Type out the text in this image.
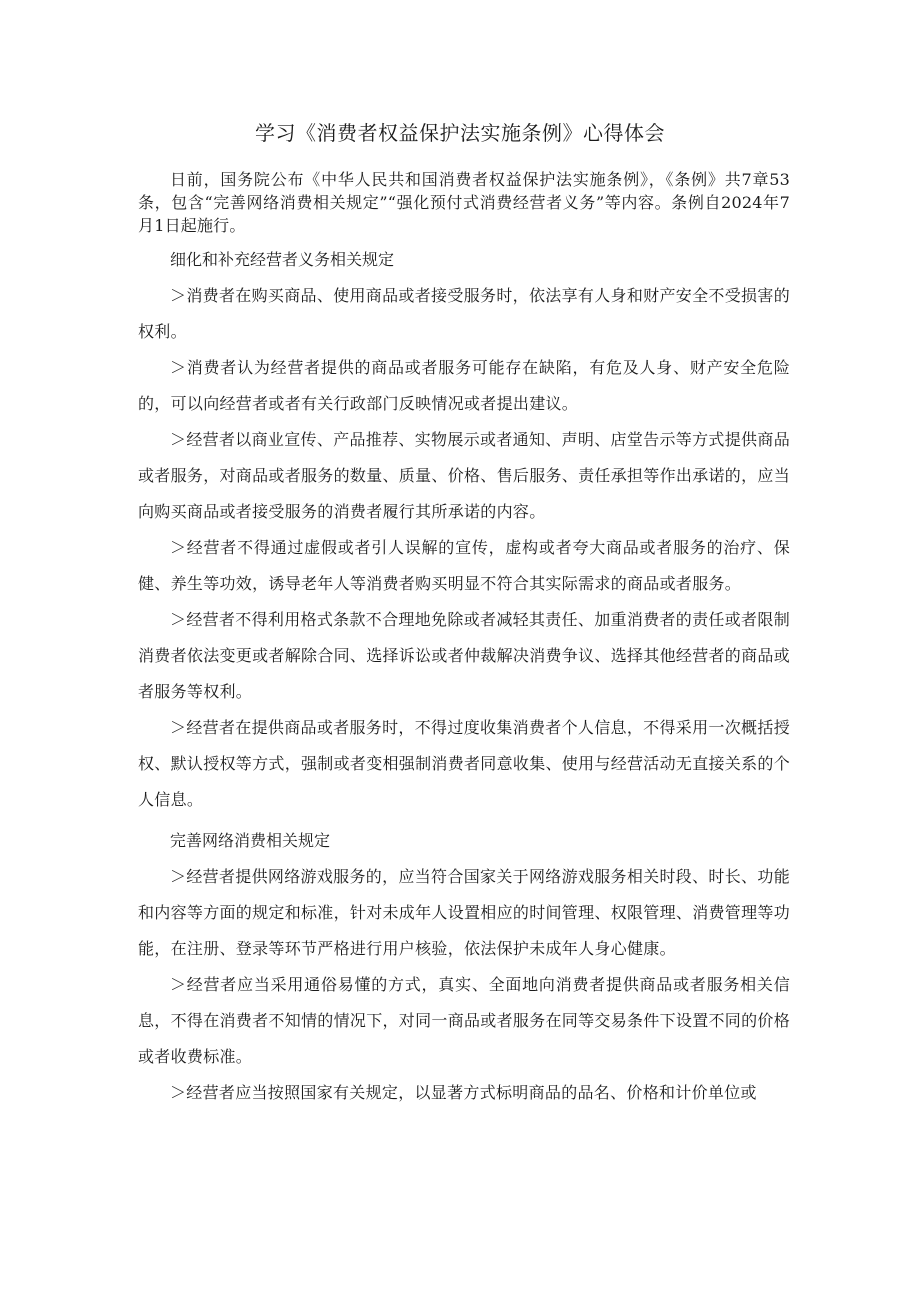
学习《消费者权益保护法实施条例》心得体会

日前，国务院公布《中华人民共和国消费者权益保护法实施条例》，《条例》共7章53条，包含“完善网络消费相关规定”“强化预付式消费经营者义务”等内容。条例自2024年7月1日起施行。

细化和补充经营者义务相关规定

＞消费者在购买商品、使用商品或者接受服务时，依法享有人身和财产安全不受损害的权利。

＞消费者认为经营者提供的商品或者服务可能存在缺陷，有危及人身、财产安全危险的，可以向经营者或者有关行政部门反映情况或者提出建议。

＞经营者以商业宣传、产品推荐、实物展示或者通知、声明、店堂告示等方式提供商品或者服务，对商品或者服务的数量、质量、价格、售后服务、责任承担等作出承诺的，应当向购买商品或者接受服务的消费者履行其所承诺的内容。

＞经营者不得通过虚假或者引人误解的宣传，虚构或者夸大商品或者服务的治疗、保健、养生等功效，诱导老年人等消费者购买明显不符合其实际需求的商品或者服务。

＞经营者不得利用格式条款不合理地免除或者减轻其责任、加重消费者的责任或者限制消费者依法变更或者解除合同、选择诉讼或者仲裁解决消费争议、选择其他经营者的商品或者服务等权利。

＞经营者在提供商品或者服务时，不得过度收集消费者个人信息，不得采用一次概括授权、默认授权等方式，强制或者变相强制消费者同意收集、使用与经营活动无直接关系的个人信息。

完善网络消费相关规定

＞经营者提供网络游戏服务的，应当符合国家关于网络游戏服务相关时段、时长、功能和内容等方面的规定和标准，针对未成年人设置相应的时间管理、权限管理、消费管理等功能，在注册、登录等环节严格进行用户核验，依法保护未成年人身心健康。

＞经营者应当采用通俗易懂的方式，真实、全面地向消费者提供商品或者服务相关信息，不得在消费者不知情的情况下，对同一商品或者服务在同等交易条件下设置不同的价格或者收费标准。

＞经营者应当按照国家有关规定，以显著方式标明商品的品名、价格和计价单位或
